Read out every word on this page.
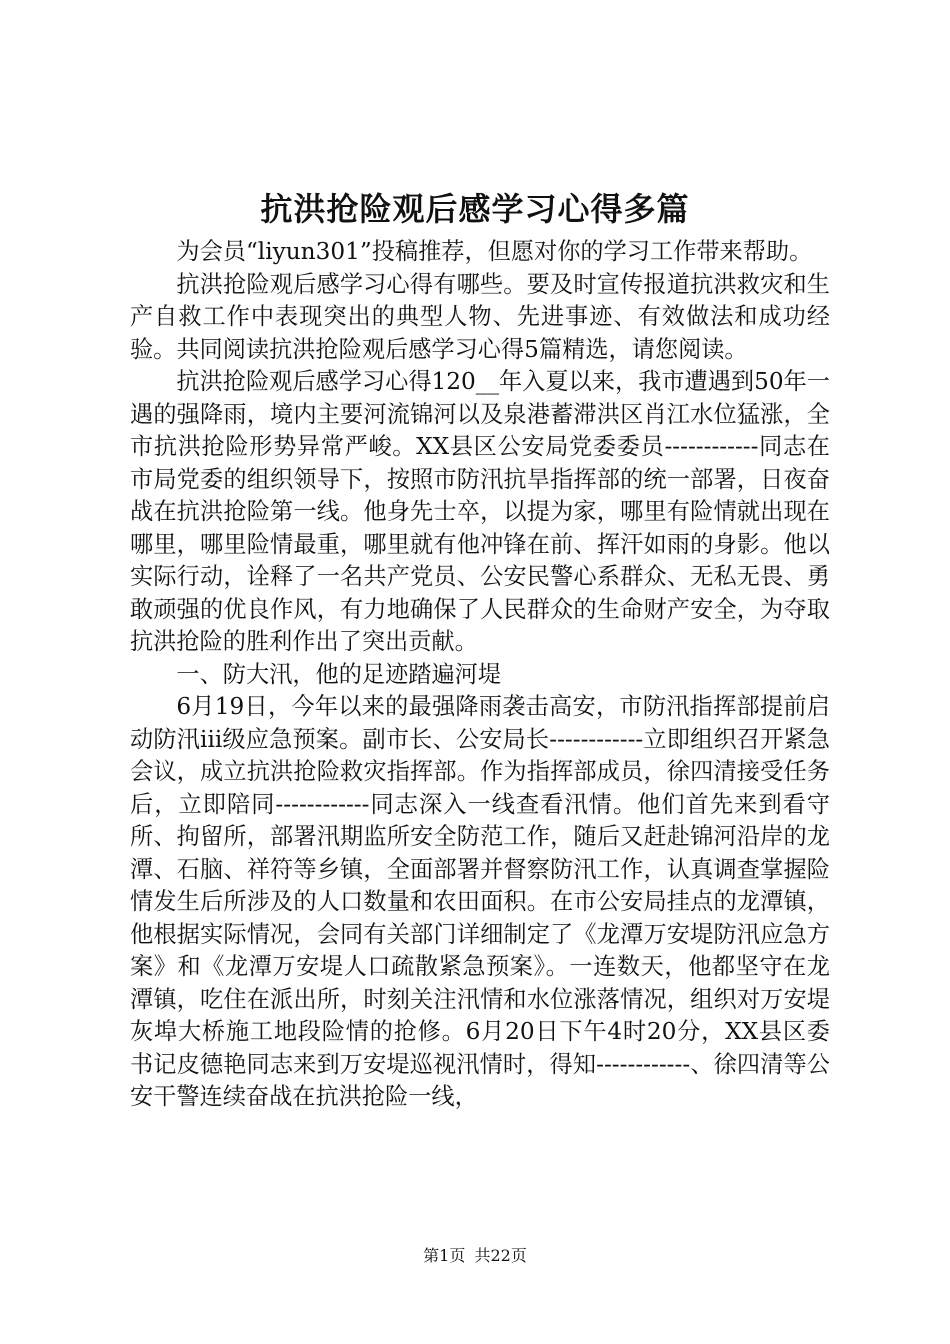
抗洪抢险观后感学习心得多篇

为会员“liyun301”投稿推荐，但愿对你的学习工作带来帮助。

抗洪抢险观后感学习心得有哪些。要及时宣传报道抗洪救灾和生产自救工作中表现突出的典型人物、先进事迹、有效做法和成功经验。共同阅读抗洪抢险观后感学习心得5篇精选，请您阅读。

抗洪抢险观后感学习心得120__年入夏以来，我市遭遇到50年一遇的强降雨，境内主要河流锦河以及泉港蓄滞洪区肖江水位猛涨，全市抗洪抢险形势异常严峻。XX县区公安局党委委员------------同志在市局党委的组织领导下，按照市防汛抗旱指挥部的统一部署，日夜奋战在抗洪抢险第一线。他身先士卒，以提为家，哪里有险情就出现在哪里，哪里险情最重，哪里就有他冲锋在前、挥汗如雨的身影。他以实际行动，诠释了一名共产党员、公安民警心系群众、无私无畏、勇敢顽强的优良作风，有力地确保了人民群众的生命财产安全，为夺取抗洪抢险的胜利作出了突出贡献。

一、防大汛，他的足迹踏遍河堤

6月19日，今年以来的最强降雨袭击高安，市防汛指挥部提前启动防汛iii级应急预案。副市长、公安局长------------立即组织召开紧急会议，成立抗洪抢险救灾指挥部。作为指挥部成员，徐四清接受任务后，立即陪同------------同志深入一线查看汛情。他们首先来到看守所、拘留所，部署汛期监所安全防范工作，随后又赶赴锦河沿岸的龙潭、石脑、祥符等乡镇，全面部署并督察防汛工作，认真调查掌握险情发生后所涉及的人口数量和农田面积。在市公安局挂点的龙潭镇，他根据实际情况，会同有关部门详细制定了《龙潭万安堤防汛应急方案》和《龙潭万安堤人口疏散紧急预案》。一连数天，他都坚守在龙潭镇，吃住在派出所，时刻关注汛情和水位涨落情况，组织对万安堤灰埠大桥施工地段险情的抢修。6月20日下午4时20分，XX县区委书记皮德艳同志来到万安堤巡视汛情时，得知------------、徐四清等公安干警连续奋战在抗洪抢险一线，

第1页 共22页
